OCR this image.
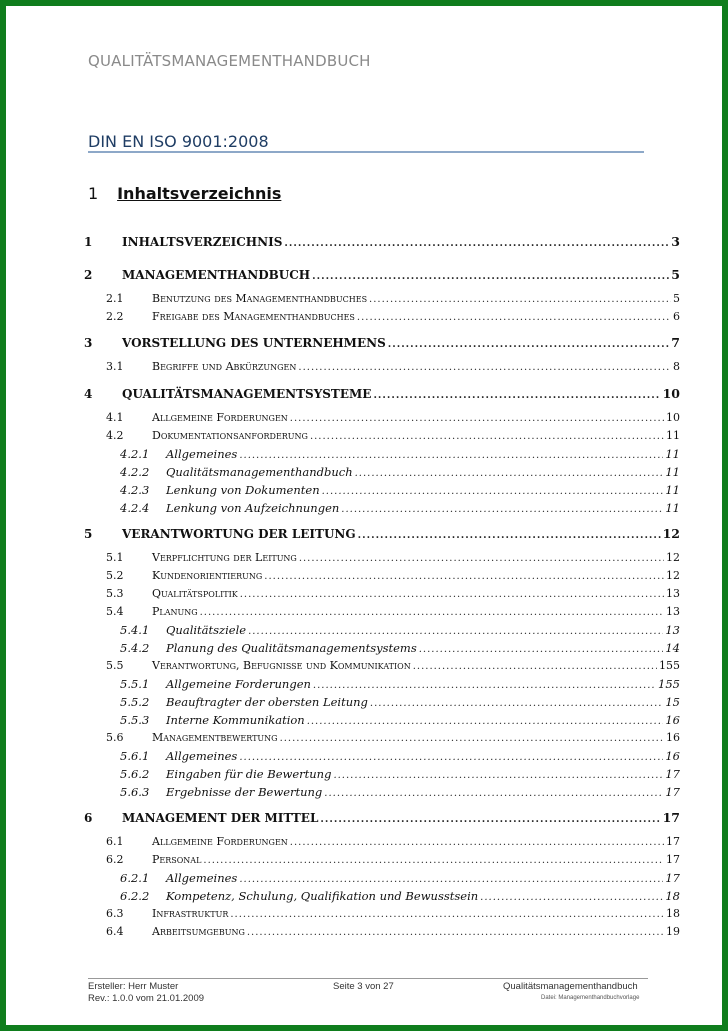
QUALITÄTSMANAGEMENTHANDBUCH
DIN EN ISO 9001:2008
1 Inhaltsverzeichnis
1	INHALTSVERZEICHNIS .....	3
2	MANAGEMENTHANDBUCH .....	5
2.1	Benutzung des Managementhandbuches .....	5
2.2	Freigabe des Managementhandbuches .....	6
3	VORSTELLUNG DES UNTERNEHMENS .....	7
3.1	Begriffe und Abkürzungen .....	8
4	QUALITÄTSMANAGEMENTSYSTEME .....	10
4.1	Allgemeine Forderungen .....	10
4.2	Dokumentationsanforderung .....	11
4.2.1	Allgemeines .....	11
4.2.2	Qualitätsmanagementhandbuch .....	11
4.2.3	Lenkung von Dokumenten .....	11
4.2.4	Lenkung von Aufzeichnungen .....	11
5	VERANTWORTUNG DER LEITUNG .....	12
5.1	Verpflichtung der Leitung .....	12
5.2	Kundenorientierung .....	12
5.3	Qualitätspolitik .....	13
5.4	Planung .....	13
5.4.1	Qualitätsziele .....	13
5.4.2	Planung des Qualitätsmanagementsystems .....	14
5.5	Verantwortung, Befugnisse und Kommunikation .....	155
5.5.1	Allgemeine Forderungen .....	155
5.5.2	Beauftragter der obersten Leitung .....	15
5.5.3	Interne Kommunikation .....	16
5.6	Managementbewertung .....	16
5.6.1	Allgemeines .....	16
5.6.2	Eingaben für die Bewertung .....	17
5.6.3	Ergebnisse der Bewertung .....	17
6	MANAGEMENT DER MITTEL .....	17
6.1	Allgemeine Forderungen .....	17
6.2	Personal .....	17
6.2.1	Allgemeines .....	17
6.2.2	Kompetenz, Schulung, Qualifikation und Bewusstsein .....	18
6.3	Infrastruktur .....	18
6.4	Arbeitsumgebung .....	19
Ersteller: Herr Muster
Rev.: 1.0.0 vom 21.01.2009
Seite 3 von 27	Qualitätsmanagementhandbuch
Datei: Managementhandbuchvorlage
